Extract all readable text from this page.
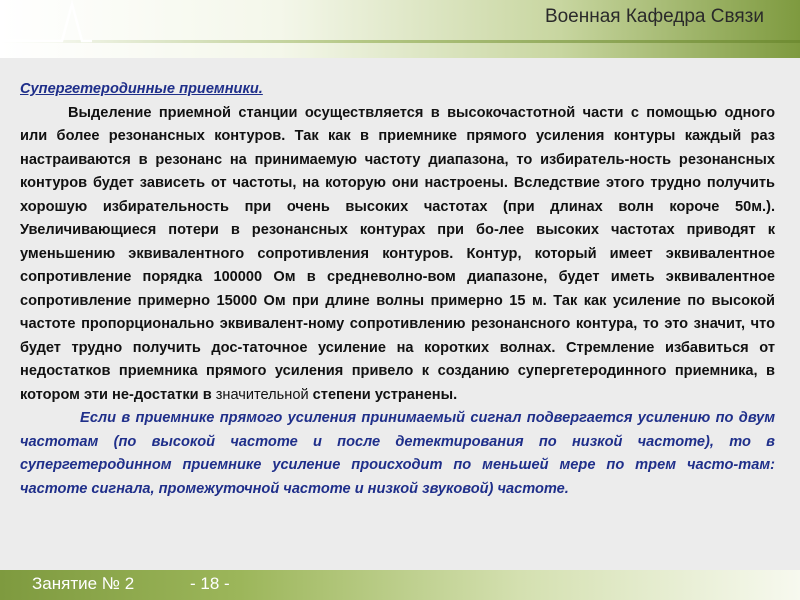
Военная Кафедра Связи
Супергетеродинные приемники.
Выделение приемной станции осуществляется в высокочастотной части с помощью одного или более резонансных контуров. Так как в приемнике прямого усиления контуры каждый раз настраиваются в резонанс на принимаемую частоту диапазона, то избиратель-ность резонансных контуров будет зависеть от частоты, на которую они настроены. Вследствие этого трудно получить хорошую избирательность при очень высоких частотах (при длинах волн короче 50м.). Увеличивающиеся потери в резонансных контурах при бо-лее высоких частотах приводят к уменьшению эквивалентного сопротивления контуров. Контур, который имеет эквивалентное сопротивление порядка 100000 Ом в средневолно-вом диапазоне, будет иметь эквивалентное сопротивление примерно 15000 Ом при длине волны примерно 15 м. Так как усиление по высокой частоте пропорционально эквивалент-ному сопротивлению резонансного контура, то это значит, что будет трудно получить дос-таточное усиление на коротких волнах. Стремление избавиться от недостатков приемника прямого усиления привело к созданию супергетеродинного приемника, в котором эти не-достатки в значительной степени устранены.
Если в приемнике прямого усиления принимаемый сигнал подвергается усилению по двум частотам (по высокой частоте и после детектирования по низкой частоте), то в супергетеродинном приемнике усиление происходит по меньшей мере по трем часто-там: частоте сигнала, промежуточной частоте и низкой звуковой) частоте.
Занятие № 2	- 18 -
